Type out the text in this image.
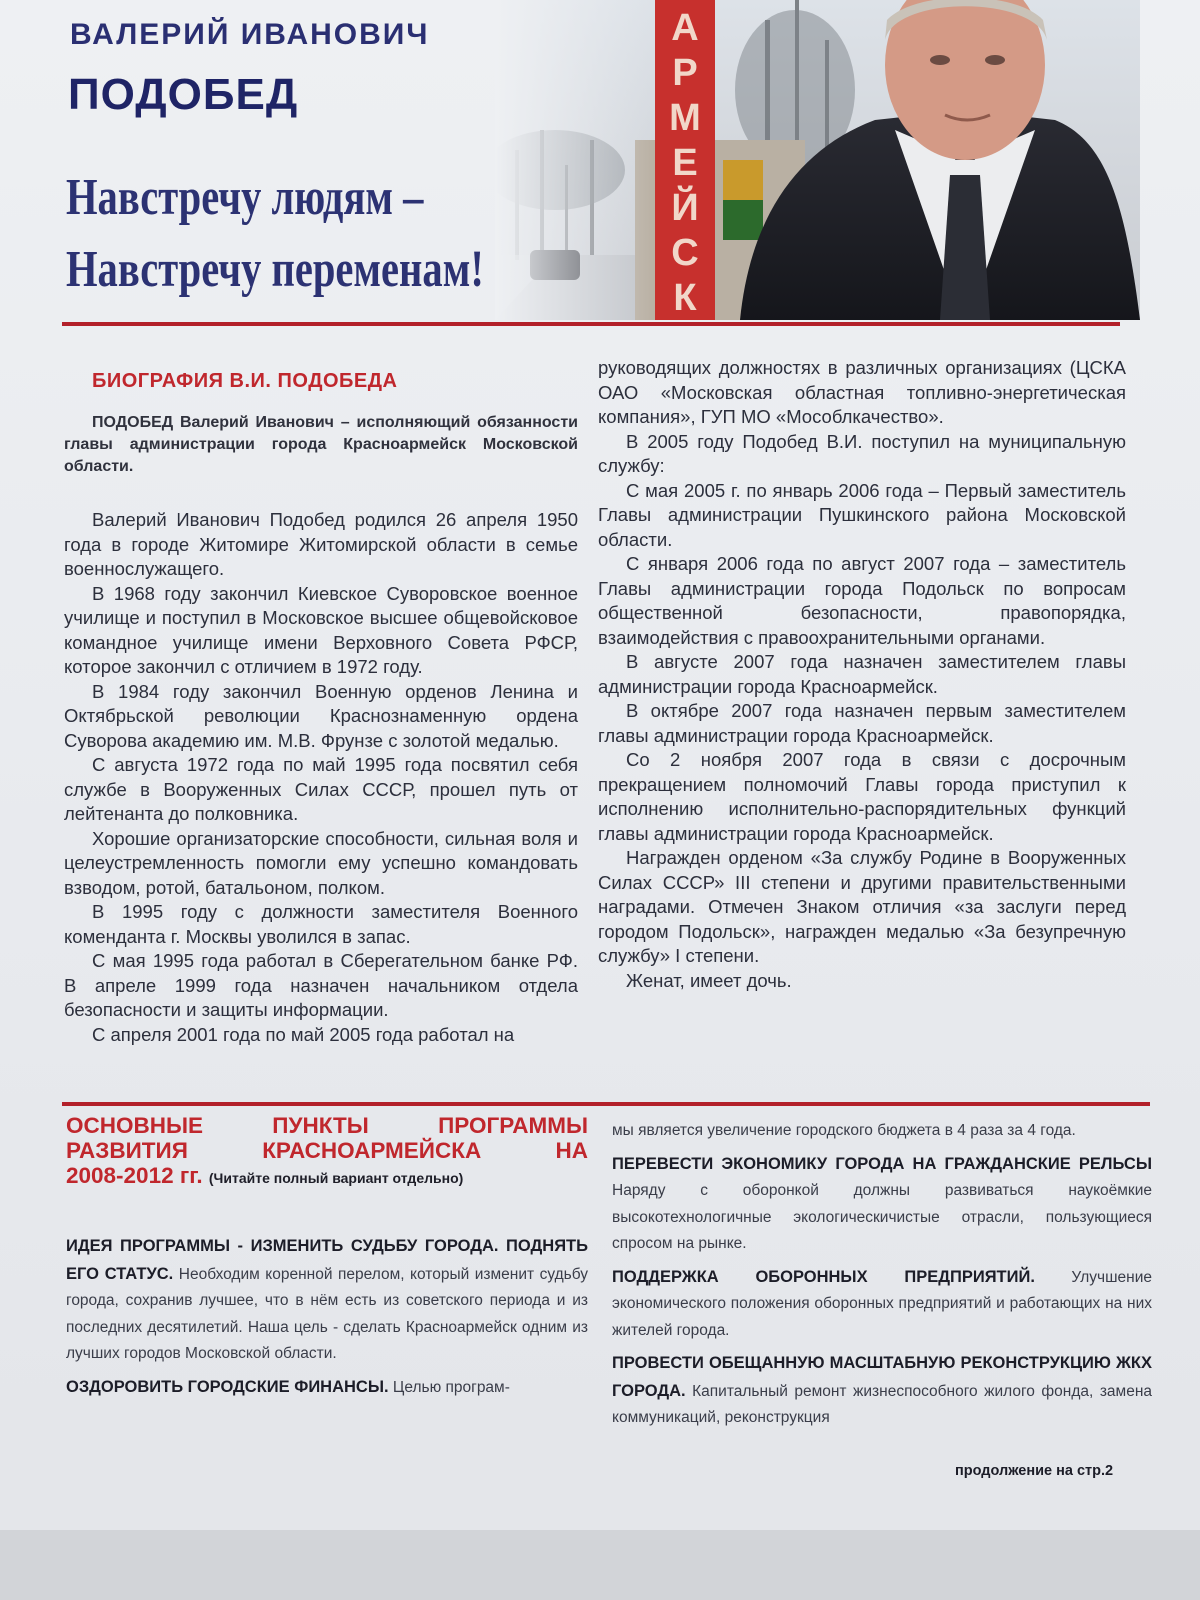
ВАЛЕРИЙ ИВАНОВИЧ
ПОДОБЕД
Навстречу людям –
Навстречу переменам!
БИОГРАФИЯ В.И. ПОДОБЕДА

ПОДОБЕД Валерий Иванович – исполняющий обязанности главы администрации города Красноармейск Московской области.

Валерий Иванович Подобед родился 26 апреля 1950 года в городе Житомире Житомирской области в семье военнослужащего.

В 1968 году закончил Киевское Суворовское военное училище и поступил в Московское высшее общевойсковое командное училище имени Верховного Совета РФСР, которое закончил с отличием в 1972 году.

В 1984 году закончил Военную орденов Ленина и Октябрьской революции Краснознаменную ордена Суворова академию им. М.В. Фрунзе с золотой медалью.

С августа 1972 года по май 1995 года посвятил себя службе в Вооруженных Силах СССР, прошел путь от лейтенанта до полковника.

Хорошие организаторские способности, сильная воля и целеустремленность помогли ему успешно командовать взводом, ротой, батальоном, полком.

В 1995 году с должности заместителя Военного коменданта г. Москвы уволился в запас.

С мая 1995 года работал в Сберегательном банке РФ. В апреле 1999 года назначен начальником отдела безопасности и защиты информации.

С апреля 2001 года по май 2005 года работал на

руководящих должностях в различных организациях (ЦСКА ОАО «Московская областная топливно-энергетическая компания», ГУП МО «Мособлкачество».

В 2005 году Подобед В.И. поступил на муниципальную службу:

С мая 2005 г. по январь 2006 года – Первый заместитель Главы администрации Пушкинского района Московской области.

С января 2006 года по август 2007 года – заместитель Главы администрации города Подольск по вопросам общественной безопасности, правопорядка, взаимодействия с правоохранительными органами.

В августе 2007 года назначен заместителем главы администрации города Красноармейск.

В октябре 2007 года назначен первым заместителем главы администрации города Красноармейск.

Со 2 ноября 2007 года в связи с досрочным прекращением полномочий Главы города приступил к исполнению исполнительно-распорядительных функций главы администрации города Красноармейск.

Награжден орденом «За службу Родине в Вооруженных Силах СССР» III степени и другими правительственными наградами. Отмечен Знаком отличия «за заслуги перед городом Подольск», награжден медалью «За безупречную службу» I степени.

Женат, имеет дочь.

ОСНОВНЫЕ ПУНКТЫ ПРОГРАММЫ
РАЗВИТИЯ КРАСНОАРМЕЙСКА НА
2008-2012 гг. (Читайте полный вариант отдельно)

ИДЕЯ ПРОГРАММЫ - ИЗМЕНИТЬ СУДЬБУ ГОРОДА. ПОДНЯТЬ ЕГО СТАТУС. Необходим коренной перелом, который изменит судьбу города, сохранив лучшее, что в нём есть из советского периода и из последних десятилетий. Наша цель - сделать Красноармейск одним из лучших городов Московской области.

ОЗДОРОВИТЬ ГОРОДСКИЕ ФИНАНСЫ. Целью програм-

мы является увеличение городского бюджета в 4 раза за 4 года.

ПЕРЕВЕСТИ ЭКОНОМИКУ ГОРОДА НА ГРАЖДАНСКИЕ РЕЛЬСЫ Наряду с оборонкой должны развиваться наукоёмкие высокотехнологичные экологическичистые отрасли, пользующиеся спросом на рынке.

ПОДДЕРЖКА ОБОРОННЫХ ПРЕДПРИЯТИЙ. Улучшение экономического положения оборонных предприятий и работающих на них жителей города.

ПРОВЕСТИ ОБЕЩАННУЮ МАСШТАБНУЮ РЕКОНСТРУКЦИЮ ЖКХ ГОРОДА. Капитальный ремонт жизнеспособного жилого фонда, замена коммуникаций, реконструкция

продолжение на стр.2
